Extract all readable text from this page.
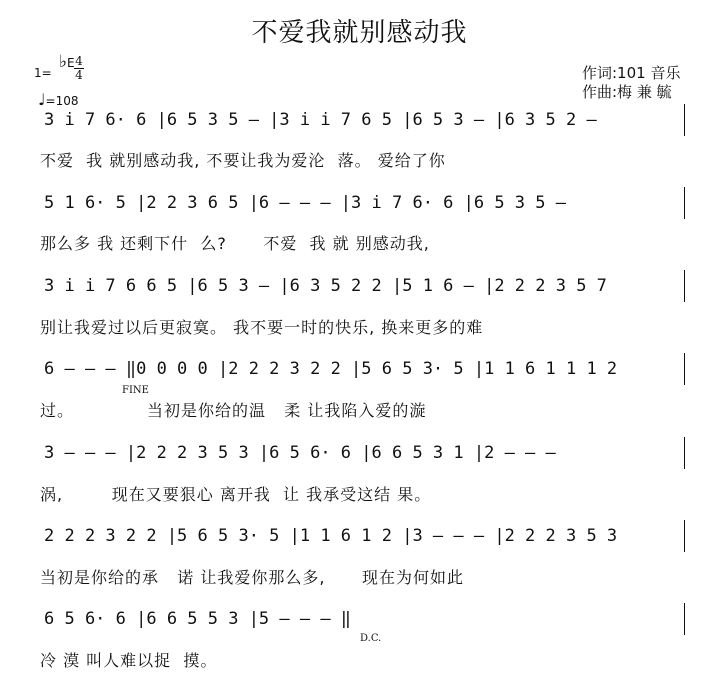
不爱我就别感动我
1=
♭E 4
4
♩=108
作词:101 音乐
作曲:梅 兼 毓
3 i 7 6· 6 |6 5 3 5 – |3 i i 7 6 5 |6 5 3 – |6 3 5 2 –
不爱  我 就别感动我, 不要让我为爱沦  落。 爱给了你
5 1 6· 5 |2 2 3 6 5 |6 – – – |3 i 7 6· 6 |6 5 3 5 –
那么多 我 还剩下什  么?      不爱  我 就 别感动我,
3 i i 7 6 6 5 |6 5 3 – |6 3 5 2 2 |5 1 6 – |2 2 2 3 5 7
别让我爱过以后更寂寞。 我不要一时的快乐, 换来更多的难
6 – – – ‖0 0 0 0 |2 2 2 3 2 2 |5 6 5 3· 5 |1 1 6 1 1 1 2
FINE
过。            当初是你给的温   柔 让我陷入爱的漩
3 – – – |2 2 2 3 5 3 |6 5 6· 6 |6 6 5 3 1 |2 – – –
涡,        现在又要狠心 离开我  让 我承受这结 果。
2 2 2 3 2 2 |5 6 5 3· 5 |1 1 6 1 2 |3 – – – |2 2 2 3 5 3
当初是你给的承   诺 让我爱你那么多,      现在为何如此
6 5 6· 6 |6 6 5 5 3 |5 – – – ‖
D.C.
冷 漠 叫人难以捉  摸。
